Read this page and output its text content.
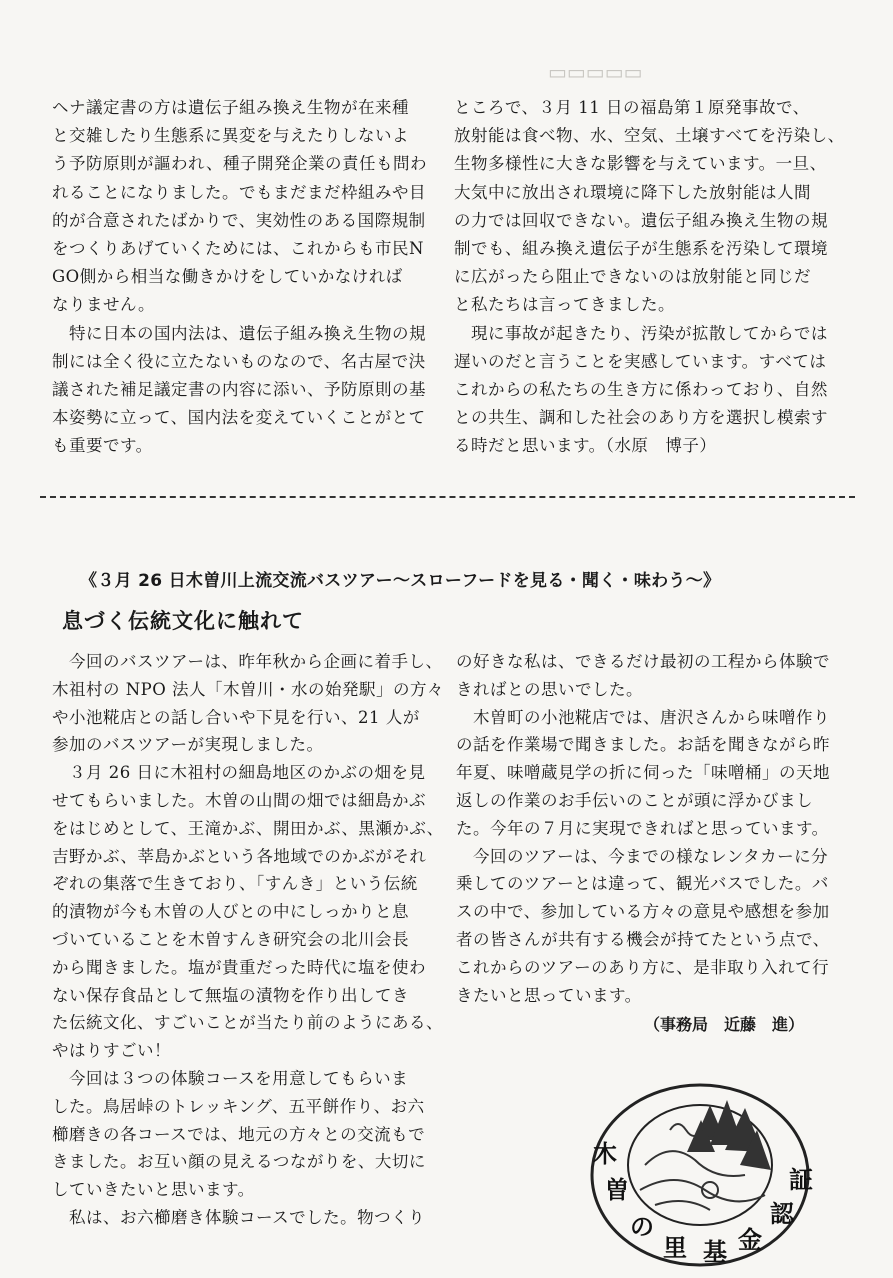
▭▭▭▭▭

ヘナ議定書の方は遺伝子組み換え生物が在来種

と交雑したり生態系に異変を与えたりしないよ

う予防原則が謳われ、種子開発企業の責任も問わ

れることになりました。でもまだまだ枠組みや目

的が合意されたばかりで、実効性のある国際規制

をつくりあげていくためには、これからも市民N

GO側から相当な働きかけをしていかなければ

なりません。

　特に日本の国内法は、遺伝子組み換え生物の規

制には全く役に立たないものなので、名古屋で決

議された補足議定書の内容に添い、予防原則の基

本姿勢に立って、国内法を変えていくことがとて

も重要です。

ところで、３月 11 日の福島第１原発事故で、

放射能は食べ物、水、空気、土壌すべてを汚染し、

生物多様性に大きな影響を与えています。一旦、

大気中に放出され環境に降下した放射能は人間

の力では回収できない。遺伝子組み換え生物の規

制でも、組み換え遺伝子が生態系を汚染して環境

に広がったら阻止できないのは放射能と同じだ

と私たちは言ってきました。

　現に事故が起きたり、汚染が拡散してからでは

遅いのだと言うことを実感しています。すべては

これからの私たちの生き方に係わっており、自然

との共生、調和した社会のあり方を選択し模索す

る時だと思います。（水原　博子）

《３月 26 日木曽川上流交流バスツアー～スローフードを見る・聞く・味わう～》
息づく伝統文化に触れて

　今回のバスツアーは、昨年秋から企画に着手し、

木祖村の NPO 法人「木曽川・水の始発駅」の方々

や小池糀店との話し合いや下見を行い、21 人が

参加のバスツアーが実現しました。

　３月 26 日に木祖村の細島地区のかぶの畑を見

せてもらいました。木曽の山間の畑では細島かぶ

をはじめとして、王滝かぶ、開田かぶ、黒瀬かぶ、

吉野かぶ、莘島かぶという各地域でのかぶがそれ

ぞれの集落で生きており、「すんき」という伝統

的漬物が今も木曽の人びとの中にしっかりと息

づいていることを木曽すんき研究会の北川会長

から聞きました。塩が貴重だった時代に塩を使わ

ない保存食品として無塩の漬物を作り出してき

た伝統文化、すごいことが当たり前のようにある、

やはりすごい！

　今回は３つの体験コースを用意してもらいま

した。鳥居峠のトレッキング、五平餅作り、お六

櫛磨きの各コースでは、地元の方々との交流もで

きました。お互い顔の見えるつながりを、大切に

していきたいと思います。

　私は、お六櫛磨き体験コースでした。物つくり

の好きな私は、できるだけ最初の工程から体験で

きればとの思いでした。

　木曽町の小池糀店では、唐沢さんから味噌作り

の話を作業場で聞きました。お話を聞きながら昨

年夏、味噌蔵見学の折に伺った「味噌桶」の天地

返しの作業のお手伝いのことが頭に浮かびまし

た。今年の７月に実現できればと思っています。

　今回のツアーは、今までの様なレンタカーに分

乗してのツアーとは違って、観光バスでした。バ

スの中で、参加している方々の意見や感想を参加

者の皆さんが共有する機会が持てたという点で、

これからのツアーのあり方に、是非取り入れて行

きたいと思っています。

（事務局　近藤　進）
木
曽
の
里 基 金
認
証
